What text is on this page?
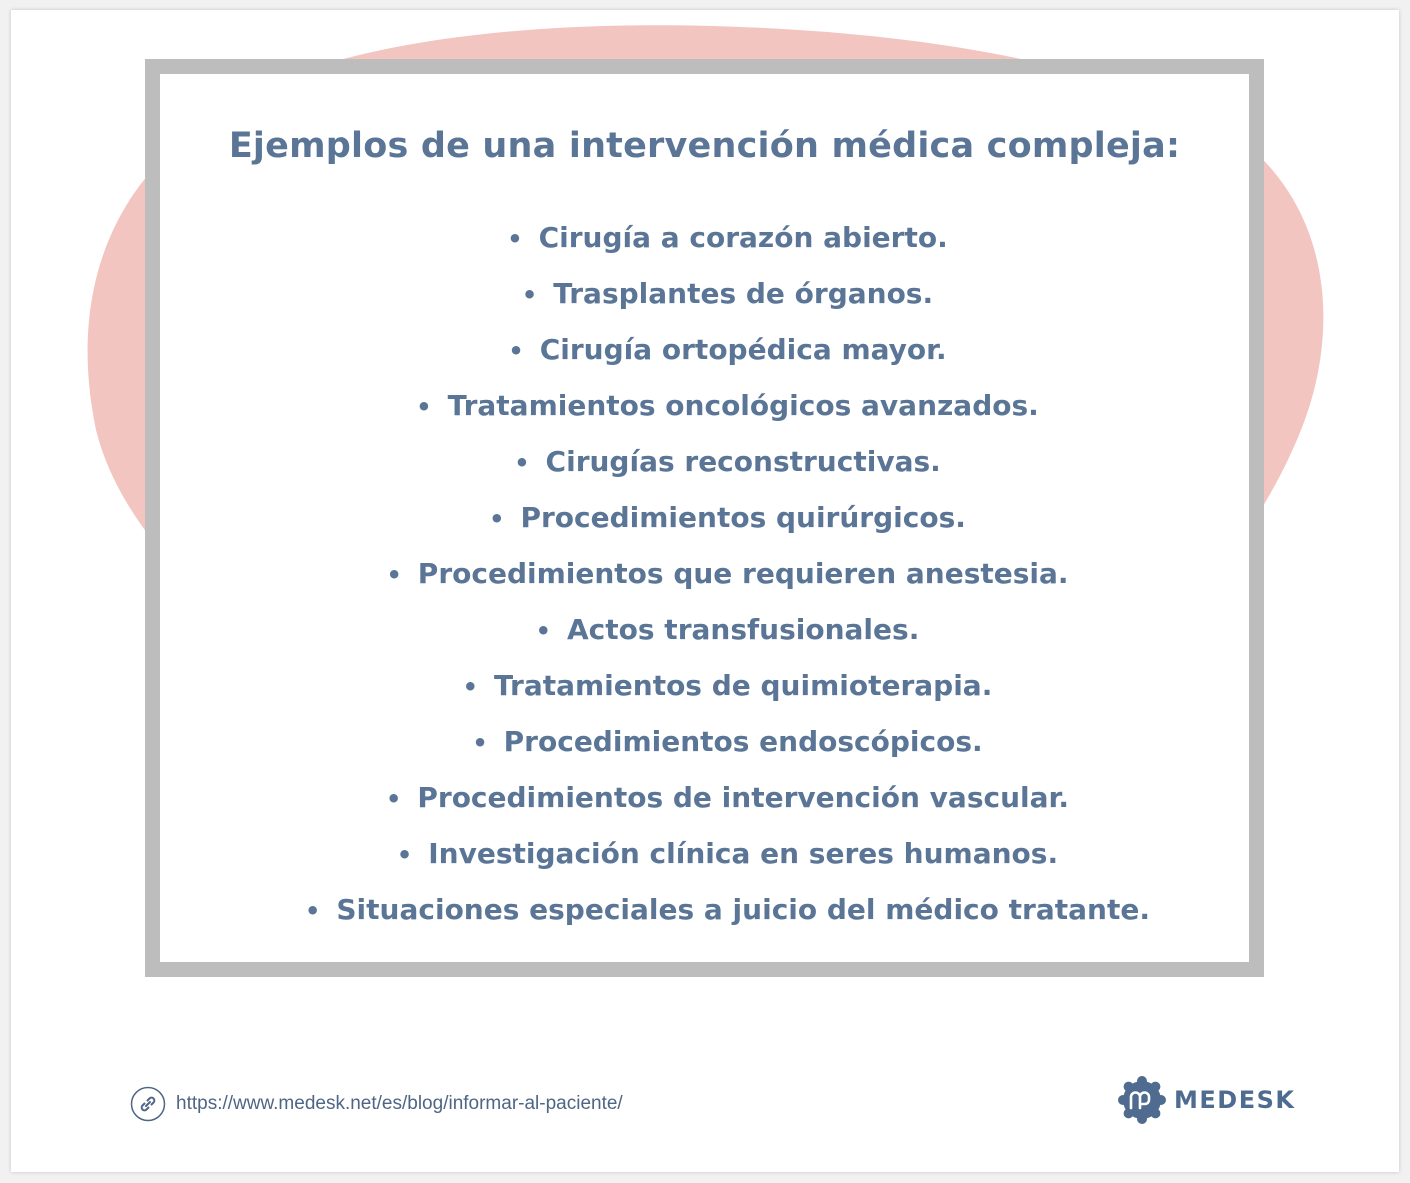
Ejemplos de una intervención médica compleja:
• Cirugía a corazón abierto.
• Trasplantes de órganos.
• Cirugía ortopédica mayor.
• Tratamientos oncológicos avanzados.
• Cirugías reconstructivas.
• Procedimientos quirúrgicos.
• Procedimientos que requieren anestesia.
• Actos transfusionales.
• Tratamientos de quimioterapia.
• Procedimientos endoscópicos.
• Procedimientos de intervención vascular.
• Investigación clínica en seres humanos.
• Situaciones especiales a juicio del médico tratante.
https://www.medesk.net/es/blog/informar-al-paciente/	MEDESK
